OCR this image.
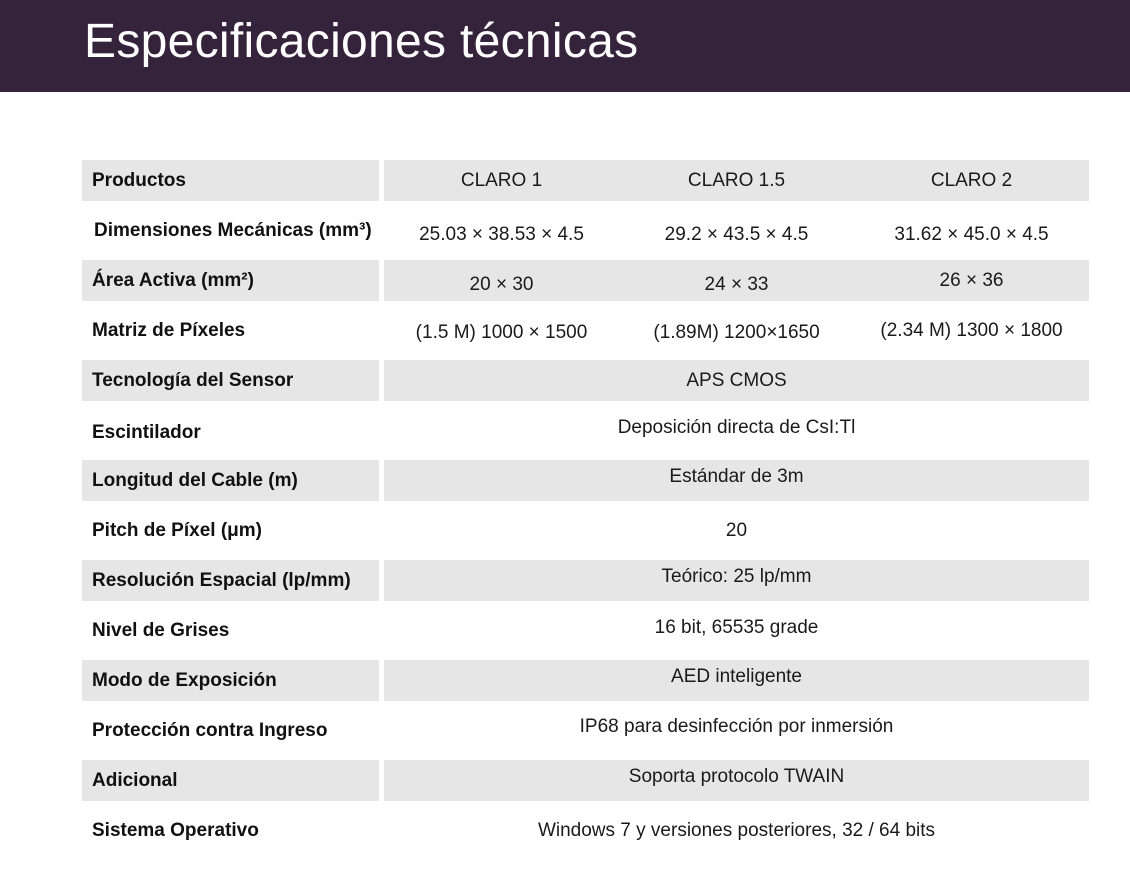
Especificaciones técnicas
Productos	CLARO 1	CLARO 1.5	CLARO 2
Dimensiones Mecánicas (mm³)	25.03 × 38.53 × 4.5	29.2 × 43.5 × 4.5	31.62 × 45.0 × 4.5
Área Activa (mm²)	20 × 30	24 × 33	26 × 36
Matriz de Píxeles	(1.5 M) 1000 × 1500	(1.89M) 1200×1650	(2.34 M) 1300 × 1800
Tecnología del Sensor	APS CMOS
Escintilador	Deposición directa de CsI:Tl
Longitud del Cable (m)	Estándar de 3m
Pitch de Píxel (μm)	20
Resolución Espacial (lp/mm)	Teórico: 25 lp/mm
Nivel de Grises	16 bit, 65535 grade
Modo de Exposición	AED inteligente
Protección contra Ingreso	IP68 para desinfección por inmersión
Adicional	Soporta protocolo TWAIN
Sistema Operativo	Windows 7 y versiones posteriores, 32 / 64 bits
